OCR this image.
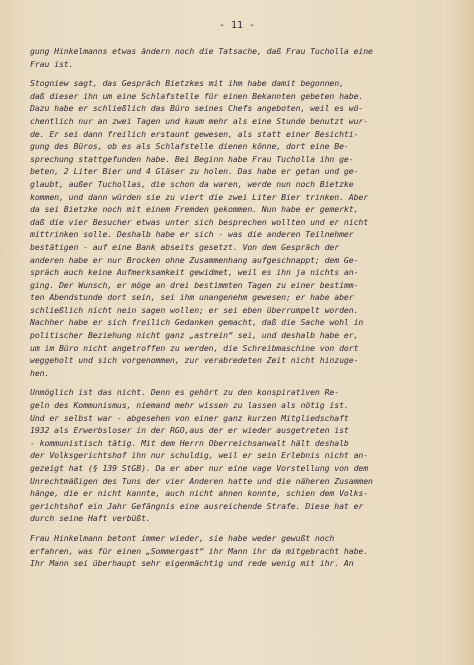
- 11 -
gung Hinkelmanns etwas ändern noch die Tatsache, daß Frau Tucholla eine
Frau ist.
Stogniew sagt, das Gespräch Bietzkes mit ihm habe damit begonnen,
daß dieser ihn um eine Schlafstelle für einen Bekannten gebeten habe.
Dazu habe er schließlich das Büro seines Chefs angeboten, weil es wö-
chentlich nur an zwei Tagen und kaum mehr als eine Stunde benutzt wur-
de. Er sei dann freilich erstaunt gewesen, als statt einer Besichti-
gung des Büros, ob es als Schlafstelle dienen könne, dort eine Be-
sprechung stattgefunden habe. Bei Beginn habe Frau Tucholla ihn ge-
beten, 2 Liter Bier und 4 Gläser zu holen. Das habe er getan und ge-
glaubt, außer Tuchollas, die schon da waren, werde nun noch Bietzke
kommen, und dann würden sie zu viert die zwei Liter Bier trinken. Aber
da sei Bietzke noch mit einem Fremden gekommen. Nun habe er gemerkt,
daß die vier Besucher etwas unter sich besprechen wollten und er nicht
mittrinken solle. Deshalb habe er sich - was die anderen Teilnehmer
bestätigen - auf eine Bank abseits gesetzt. Von dem Gespräch der
anderen habe er nur Brocken ohne Zusammenhang aufgeschnappt; dem Ge-
spräch auch keine Aufmerksamkeit gewidmet, weil es ihn ja nichts an-
ging. Der Wunsch, er möge an drei bestimmten Tagen zu einer bestimm-
ten Abendstunde dort sein, sei ihm unangenehm gewesen; er habe aber
schließlich nicht nein sagen wollen; er sei eben überrumpelt worden.
Nachher habe er sich freilich Gedanken gemacht, daß die Sache wohl in
politischer Beziehung nicht ganz „astrein“ sei, und deshalb habe er,
um im Büro nicht angetroffen zu werden, die Schreibmaschine von dort
weggeholt und sich vorgenommen, zur verabredeten Zeit nicht hinzuge-
hen.
Unmöglich ist das nicht. Denn es gehört zu den konspirativen Re-
geln des Kommunismus, niemand mehr wissen zu lassen als nötig ist.
Und er selbst war - abgesehen von einer ganz kurzen Mitgliedschaft
1932 als Erwerbsloser in der RGO,aus der er wieder ausgetreten ist
- kommunistisch tätig. Mit dem Herrn Oberreichsanwalt hält deshalb
der Volksgerichtshof ihn nur schuldig, weil er sein Erlebnis nicht an-
gezeigt hat (§ 139 StGB). Da er aber nur eine vage Vorstellung von dem
Unrechtmäßigen des Tuns der vier Anderen hatte und die näheren Zusammen
hänge, die er nicht kannte, auch nicht ahnen konnte, schien dem Volks-
gerichtshof ein Jahr Gefängnis eine ausreichende Strafe. Diese hat er
durch seine Haft verbüßt.
Frau Hinkelmann betont immer wieder, sie habe weder gewußt noch
erfahren, was für einen „Sommergast“ ihr Mann ihr da mitgebracht habe.
Ihr Mann sei überhaupt sehr eigenmächtig und rede wenig mit ihr. An
